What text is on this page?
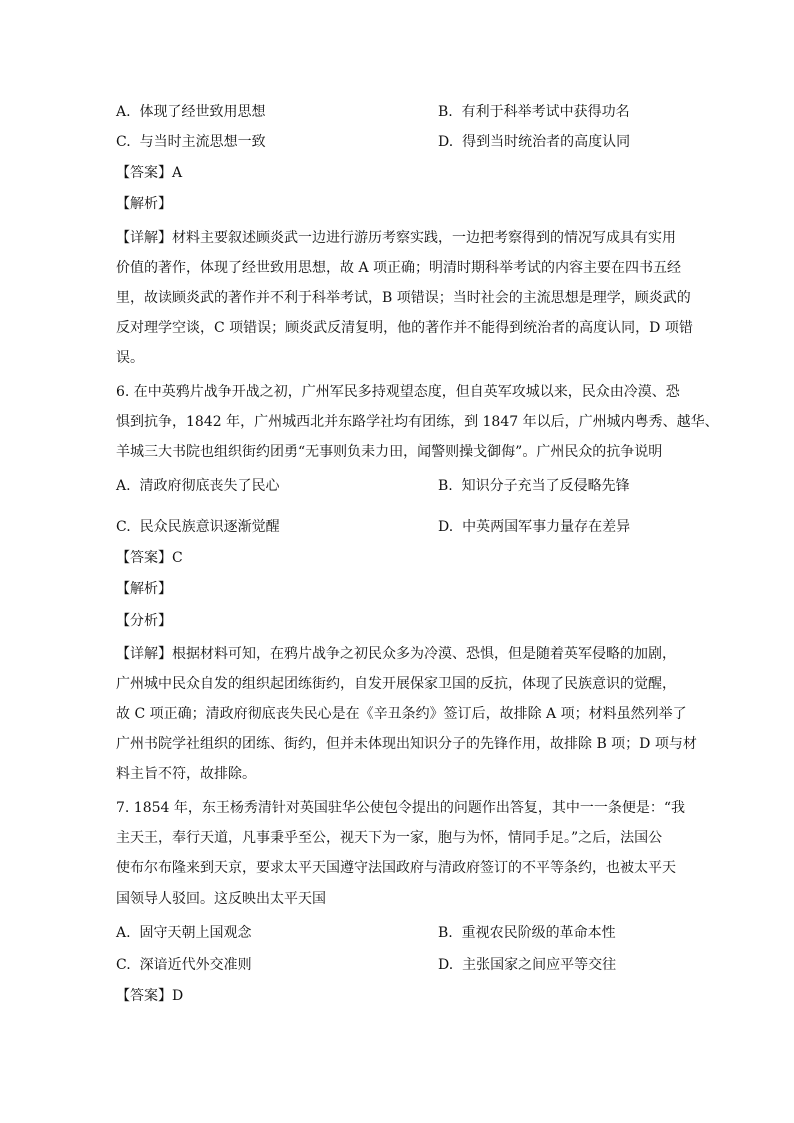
A. 体现了经世致用思想	B. 有利于科举考试中获得功名
C. 与当时主流思想一致	D. 得到当时统治者的高度认同
【答案】A
【解析】
【详解】材料主要叙述顾炎武一边进行游历考察实践，一边把考察得到的情况写成具有实用
价值的著作，体现了经世致用思想，故 A 项正确；明清时期科举考试的内容主要在四书五经
里，故读顾炎武的著作并不利于科举考试，B 项错误；当时社会的主流思想是理学，顾炎武的
反对理学空谈，C 项错误；顾炎武反清复明，他的著作并不能得到统治者的高度认同，D 项错
误。
6. 在中英鸦片战争开战之初，广州军民多持观望态度，但自英军攻城以来，民众由冷漠、恐
惧到抗争，1842 年，广州城西北并东路学社均有团练，到 1847 年以后，广州城内粤秀、越华、
羊城三大书院也组织街约团勇“无事则负耒力田，闻警则操戈御侮”。广州民众的抗争说明
A. 清政府彻底丧失了民心	B. 知识分子充当了反侵略先锋
C. 民众民族意识逐渐觉醒	D. 中英两国军事力量存在差异
【答案】C
【解析】
【分析】
【详解】根据材料可知，在鸦片战争之初民众多为冷漠、恐惧，但是随着英军侵略的加剧，
广州城中民众自发的组织起团练街约，自发开展保家卫国的反抗，体现了民族意识的觉醒，
故 C 项正确；清政府彻底丧失民心是在《辛丑条约》签订后，故排除 A 项；材料虽然列举了
广州书院学社组织的团练、街约，但并未体现出知识分子的先锋作用，故排除 B 项；D 项与材
料主旨不符，故排除。
7. 1854 年，东王杨秀清针对英国驻华公使包令提出的问题作出答复，其中一一条便是：“我
主天王，奉行天道，凡事秉乎至公，视天下为一家，胞与为怀，情同手足。”之后，法国公
使布尔布隆来到天京，要求太平天国遵守法国政府与清政府签订的不平等条约，也被太平天
国领导人驳回。这反映出太平天国
A. 固守天朝上国观念	B. 重视农民阶级的革命本性
C. 深谙近代外交准则	D. 主张国家之间应平等交往
【答案】D
